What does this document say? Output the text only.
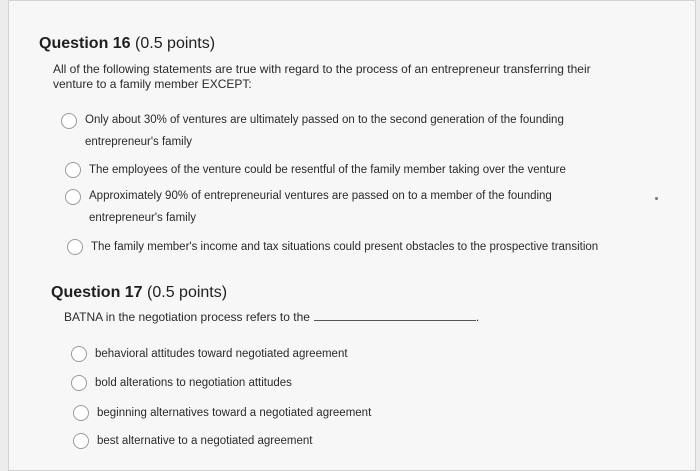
Question 16 (0.5 points)
All of the following statements are true with regard to the process of an entrepreneur transferring their
venture to a family member EXCEPT:
Only about 30% of ventures are ultimately passed on to the second generation of the founding
entrepreneur's family
The employees of the venture could be resentful of the family member taking over the venture
Approximately 90% of entrepreneurial ventures are passed on to a member of the founding
entrepreneur's family
The family member's income and tax situations could present obstacles to the prospective transition
Question 17 (0.5 points)
BATNA in the negotiation process refers to the	.
behavioral attitudes toward negotiated agreement
bold alterations to negotiation attitudes
beginning alternatives toward a negotiated agreement
best alternative to a negotiated agreement
